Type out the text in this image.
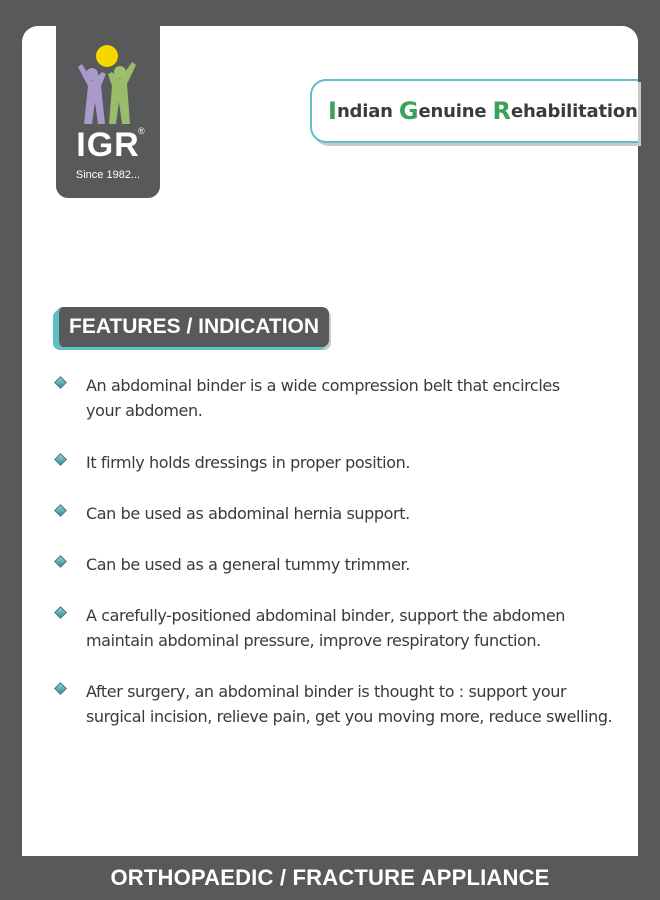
IGR
®
Since 1982...
I ndian G enuine R ehabilitation
FEATURES / INDICATION
An abdominal binder is a wide compression belt that encircles
your abdomen.
It firmly holds dressings in proper position.
Can be used as abdominal hernia support.
Can be used as a general tummy trimmer.
A carefully-positioned abdominal binder, support the abdomen
maintain abdominal pressure, improve respiratory function.
After surgery, an abdominal binder is thought to : support your
surgical incision, relieve pain, get you moving more, reduce swelling.
ORTHOPAEDIC / FRACTURE APPLIANCE
